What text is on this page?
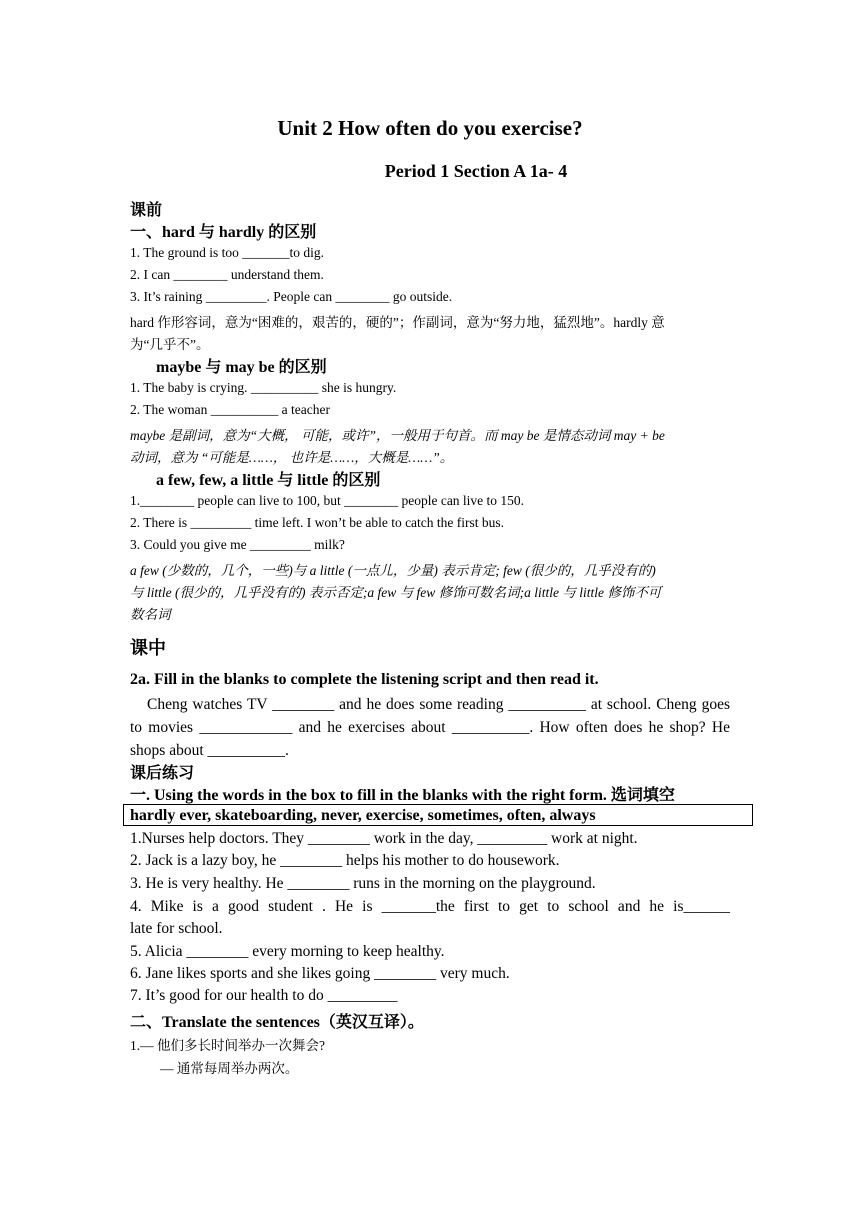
Unit 2 How often do you exercise?
Period 1 Section A 1a- 4
课前
一、hard 与 hardly 的区别
1. The ground is too _______to dig.
2. I can ________ understand them.
3. It’s raining _________. People can ________ go outside.
hard 作形容词，意为“困难的，艰苦的，硬的”；作副词，意为“努力地，猛烈地”。hardly 意
为“几乎不”。
maybe 与 may be 的区别
1. The baby is crying. __________ she is hungry.
2. The woman __________ a teacher
maybe 是副词，意为“大概， 可能，或许”，一般用于句首。而 may be 是情态动词 may + be
动词，意为 “可能是……， 也许是……，大概是……”。
a few, few, a little 与 little 的区别
1.________ people can live to 100, but ________ people can live to 150.
2. There is _________ time left. I won’t be able to catch the first bus.
3. Could you give me _________ milk?
a few (少数的，几个，一些)与 a little (一点儿，少量) 表示肯定; few (很少的，几乎没有的)
与 little (很少的，几乎没有的) 表示否定;a few 与 few 修饰可数名词;a little 与 little 修饰不可
数名词
课中
2a. Fill in the blanks to complete the listening script and then read it.
Cheng watches TV ________ and he does some reading __________ at school. Cheng goes to movies ____________ and he exercises about __________. How often does he shop? He shops about __________.
课后练习
一. Using the words in the box to fill in the blanks with the right form. 选词填空
hardly ever, skateboarding, never, exercise, sometimes, often, always
1.Nurses help doctors. They ________ work in the day, _________ work at night.
2. Jack is a lazy boy, he ________ helps his mother to do housework.
3. He is very healthy. He ________ runs in the morning on the playground.
4. Mike is a good student . He is _______the first to get to school and he is______
late for school.
5. Alicia ________ every morning to keep healthy.
6. Jane likes sports and she likes going ________ very much.
7. It’s good for our health to do _________
二、Translate the sentences（英汉互译）。
1.— 他们多长时间举办一次舞会?
— 通常每周举办两次。
